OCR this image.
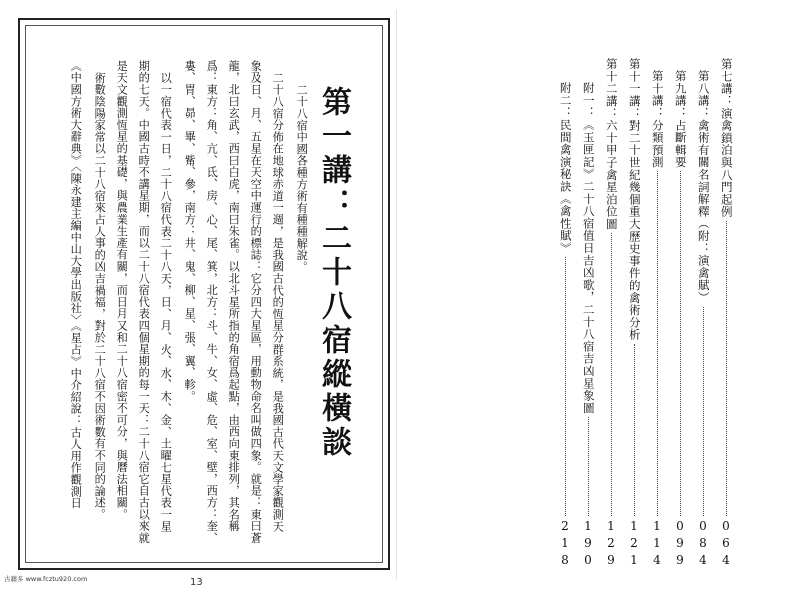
第一講：二十八宿縱橫談
二十八宿中國各種方術有種種解說。
二十八宿分佈在地球赤道一週，是我國古代的恆星分群系統，是我國古代天文學家觀測天
象及日、月、五星在天空中運行的標誌：它分四大星區，用動物命名叫做四象。就是：東曰蒼
龍，北曰玄武，西曰白虎，南曰朱雀。以北斗星所指的角宿爲起點，由西向東排列，其名稱
爲：東方：角、亢、氐、房、心、尾、箕，北方：斗、牛、女、虛、危、室、壁，西方：奎、
婁、胃、昴、畢、觜、參，南方：井、鬼、柳、星、張、翼、軫。
以一宿代表一日，二十八宿代表二十八天，日、月、火、水、木、金、土曜七星代表一星
期的七天。中國古時不講星期，而以二十八宿代表四個星期的每一天：二十八宿它自古以來就
是天文觀測恆星的基礎，與農業生產有關，而日月又和二十八宿密不可分，與曆法相關。
術數陰陽家常以二十八宿來占人事的凶吉禍福，對於二十八宿不因術數有不同的論述。
《中國方術大辭典》〈陳永建主編中山大學出版社〉《星占》中介紹說：古人用作觀測日	第七講：演禽鎖泊與八門起例
064
第八講：禽術有關名詞解釋（附：演禽賦）
084
第九講：占斷輯要
099
第十講：分類預測
114
第十一講：對二十世紀幾個重大歷史事件的禽術分析
121
第十二講：六十甲子禽星泊位圖
129
附一：《玉匣記》二十八宿值日吉凶歌，二十八宿吉凶星象圖
190
附二：民間禽演秘訣《禽性賦》
218
古籍多 www.fcztu920.com	13
